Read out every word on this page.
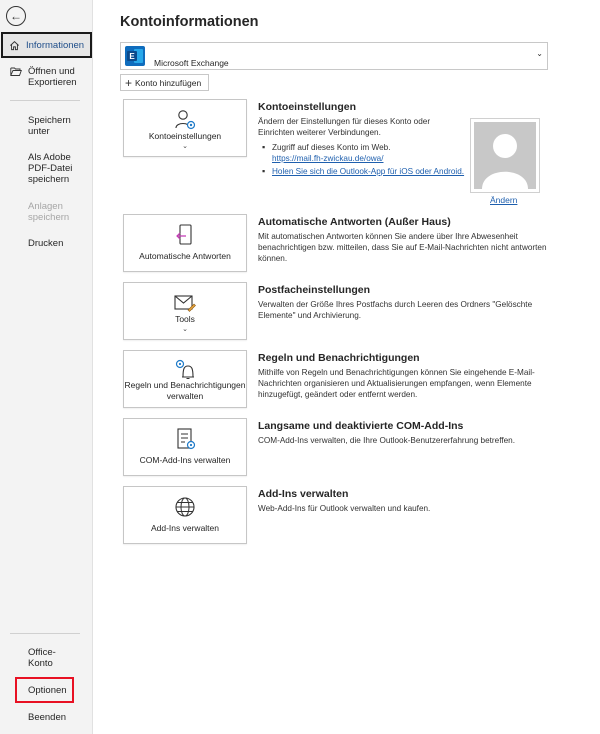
←
Informationen
Öffnen und Exportieren
Speichern unter
Als Adobe PDF-Datei speichern
Anlagen speichern
Drucken
Office-Konto
Optionen
Beenden
Kontoinformationen
E
Microsoft Exchange
⌄
+ Konto hinzufügen
Kontoeinstellungen
⌄
Kontoeinstellungen
Ändern der Einstellungen für dieses Konto oder Einrichten weiterer Verbindungen.
▪ Zugriff auf dieses Konto im Web.
https://mail.fh-zwickau.de/owa/
▪ Holen Sie sich die Outlook-App für iOS oder Android.
Ändern
Automatische Antworten
Automatische Antworten (Außer Haus)
Mit automatischen Antworten können Sie andere über Ihre Abwesenheit benachrichtigen bzw. mitteilen, dass Sie auf E-Mail-Nachrichten nicht antworten können.
Tools
⌄
Postfacheinstellungen
Verwalten der Größe Ihres Postfachs durch Leeren des Ordners "Gelöschte Elemente" und Archivierung.
Regeln und Benachrichtigungen verwalten
Regeln und Benachrichtigungen
Mithilfe von Regeln und Benachrichtigungen können Sie eingehende E-Mail-Nachrichten organisieren und Aktualisierungen empfangen, wenn Elemente hinzugefügt, geändert oder entfernt werden.
COM-Add-Ins verwalten
Langsame und deaktivierte COM-Add-Ins
COM-Add-Ins verwalten, die Ihre Outlook-Benutzererfahrung betreffen.
Add-Ins verwalten
Add-Ins verwalten
Web-Add-Ins für Outlook verwalten und kaufen.
